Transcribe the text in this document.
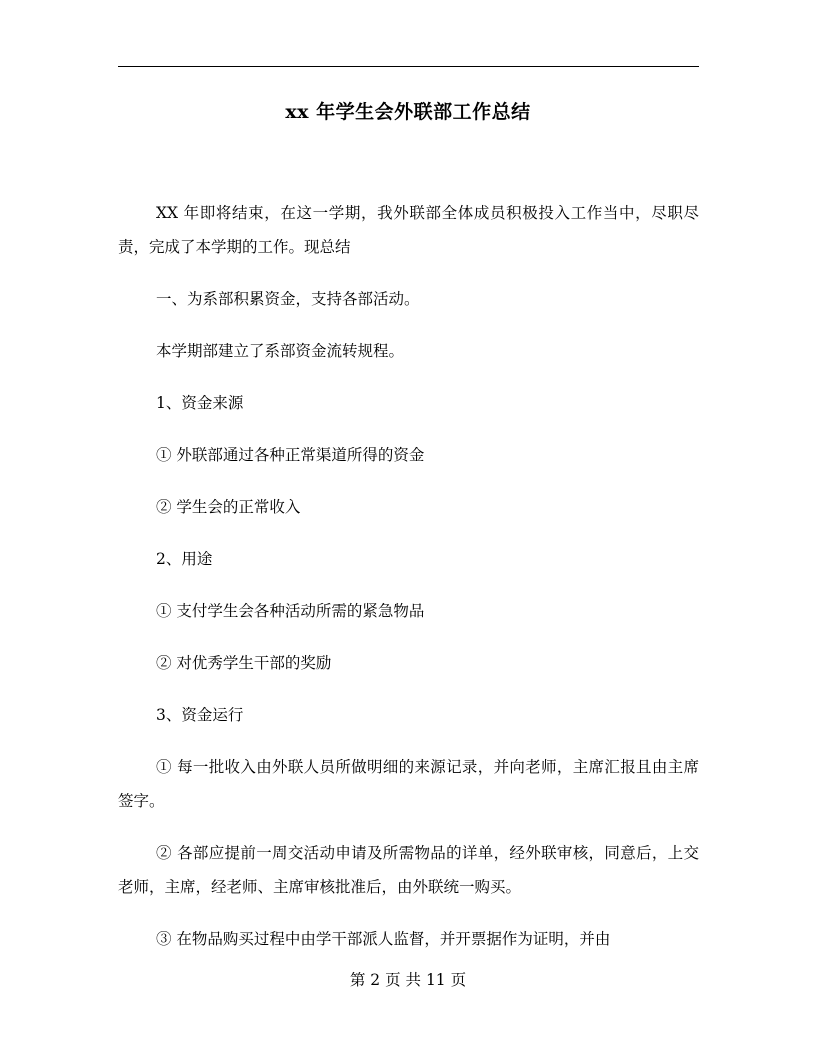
xx 年学生会外联部工作总结

XX 年即将结束，在这一学期，我外联部全体成员积极投入工作当中，尽职尽责，完成了本学期的工作。现总结

一、为系部积累资金，支持各部活动。

本学期部建立了系部资金流转规程。

1、资金来源

① 外联部通过各种正常渠道所得的资金

② 学生会的正常收入

2、用途

① 支付学生会各种活动所需的紧急物品

② 对优秀学生干部的奖励

3、资金运行

① 每一批收入由外联人员所做明细的来源记录，并向老师，主席汇报且由主席签字。

② 各部应提前一周交活动申请及所需物品的详单，经外联审核，同意后，上交老师，主席，经老师、主席审核批准后，由外联统一购买。

③ 在物品购买过程中由学干部派人监督，并开票据作为证明，并由

第 2 页 共 11 页
